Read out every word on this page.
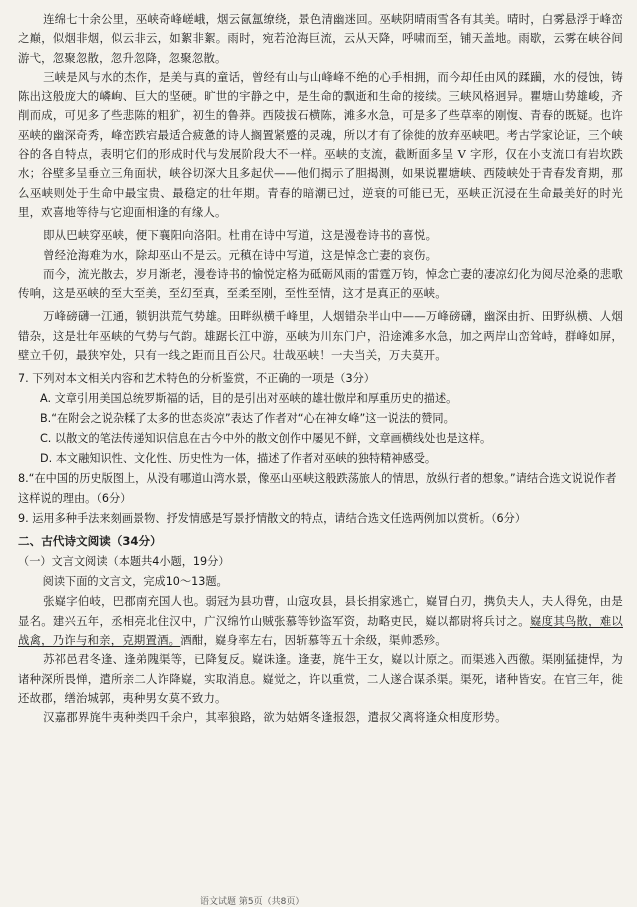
连绵七十余公里，巫峡奇峰嵯峨，烟云氤氲缭绕，景色清幽迷回。巫峡阴晴雨雪各有其美。晴时，白雾悬浮于峰峦之巅，似烟非烟，似云非云，如絮非絮。雨时，宛若沧海巨流，云从天降，呼啸而至，铺天盖地。雨歇，云雾在峡谷间游弋，忽聚忽散，忽升忽降，忽聚忽散。

三峡是风与水的杰作，是美与真的童话，曾经有山与山峰峰不绝的心手相拥，而今却任由风的蹂躏，水的侵蚀，铸陈出这般庞大的嶙峋、巨大的坚硬。旷世的宇静之中，是生命的飘逝和生命的接续。三峡风格迥异。瞿塘山势雄峻，齐削而成，可见多了些悲陈的粗犷，初生的鲁莽。西陵拔石横陈，滩多水急，可是多了些草率的刚愎、青春的既疑。也许巫峡的幽深奇秀，峰峦跌宕最适合疲惫的诗人搁置紧蹙的灵魂，所以才有了徐徙的放弃巫峡吧。考古学家论证，三个峡谷的各自特点，表明它们的形成时代与发展阶段大不一样。巫峡的支流，截断面多呈 V 字形，仅在小支流口有岩坎跌水；谷壁多呈垂立三角面状，峡谷切深大且多起伏——他们揭示了胆揭测，如果说瞿塘峡、西陵峡处于青春发育期，那么巫峡则处于生命中最宝贵、最稳定的壮年期。青春的暗潮已过，逆衰的可能已无，巫峡正沉浸在生命最美好的时光里，欢喜地等待与它迎面相逢的有缘人。

即从巴峡穿巫峡，便下襄阳向洛阳。杜甫在诗中写道，这是漫卷诗书的喜悦。

曾经沧海难为水，除却巫山不是云。元稹在诗中写道，这是悼念亡妻的哀伤。

而今，流光散去，岁月渐老，漫卷诗书的愉悦定格为砥砺风雨的雷霆万钧，悼念亡妻的凄凉幻化为阅尽沧桑的悲歌传响，这是巫峡的至大至美，至幻至真，至柔至刚，至性至情，这才是真正的巫峡。

万峰磅礴一江通，锁钥洪荒气势雄。田畔纵横千峰里，人烟错杂半山中——万峰磅礴，幽深由折、田野纵横、人烟错杂，这是壮年巫峡的气势与气韵。雄踞长江中游，巫峡为川东门户，沿途滩多水急，加之两岸山峦耸峙，群峰如屏，壁立千仞，最狭窄处，只有一线之距而且百公尺。壮哉巫峡！一夫当关，万夫莫开。

7. 下列对本文相关内容和艺术特色的分析鉴赏，不正确的一项是（3分）

A. 文章引用美国总统罗斯福的话，目的是引出对巫峡的雄壮傲岸和厚重历史的描述。

B.“在附会之说杂糅了太多的世态炎凉”表达了作者对“心在神女峰”这一说法的赞同。

C. 以散文的笔法传递知识信息在古今中外的散文创作中屡见不鲜，文章画横线处也是这样。

D. 本文融知识性、文化性、历史性为一体，描述了作者对巫峡的独特精神感受。

8.“在中国的历史版图上，从没有哪道山湾水景，像巫山巫峡这般跌荡旅人的情思，放纵行者的想象。”请结合选文说说作者这样说的理由。（6分）

9. 运用多种手法来刻画景物、抒发情感是写景抒情散文的特点，请结合选文任选两例加以赏析。（6分）

二、古代诗文阅读（34分）

（一）文言文阅读（本题共4小题，19分）

阅读下面的文言文，完成10～13题。

张嶷字伯岐，巴郡南充国人也。弱冠为县功曹，山寇攻县，县长捐家逃亡，嶷冒白刃，携负夫人，夫人得免，由是显名。建兴五年，丞相亮北住汉中，广汉绵竹山贼张慕等钞盗军资，劫略吏民，嶷以都尉将兵讨之。嶷度其鸟散，难以战禽，乃诈与和亲，克期置酒。酒酣，嶷身率左右，因斩慕等五十余级，渠帅悉殄。

苏祁邑君冬逢、逢弟隗渠等，已降复反。嶷诛逢。逢妻，旄牛王女，嶷以计原之。而渠逃入西徼。渠刚猛捷悍，为诸种深所畏惮，遣所亲二人诈降嶷，实取消息。嶷觉之，许以重赏，二人遂合谋杀渠。渠死，诸种皆安。在官三年，徙还故郡，缮治城郭，夷种男女莫不致力。

汉嘉郡界旄牛夷种类四千余户，其率狼路，欲为姑婿冬逢报怨，遣叔父离将逢众相度形势。

语文试题 第5页（共8页）
